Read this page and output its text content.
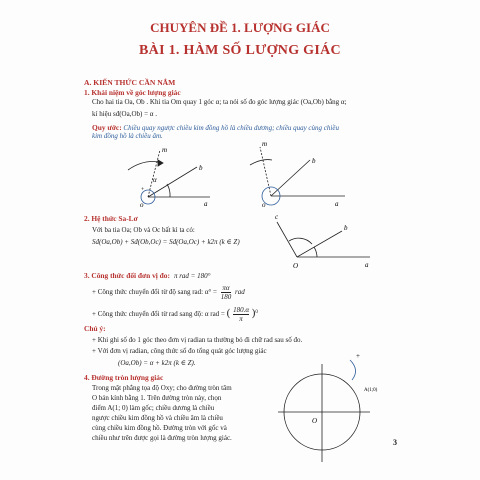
CHUYÊN ĐỀ 1. LƯỢNG GIÁC
BÀI 1. HÀM SỐ LƯỢNG GIÁC
A. KIẾN THỨC CẦN NẮM
1. Khái niệm về góc lượng giác
Cho hai tia Oa, Ob . Khi tia Om quay 1 góc α; ta nói số đo góc lượng giác (Oa,Ob) bằng α;
kí hiệu sđ(Oa,Ob) = α .
Quy ước: Chiều quay ngược chiều kim đồng hồ là chiều dương; chiều quay cùng chiều
kim đồng hồ là chiều âm.
m
b
a
o
α
+
m
b
a
o
c
b
O	a
O
A(1;0)
+
2. Hệ thức Sa-Lơ
Với ba tia Oa; Ob và Oc bất kì ta có:
Sđ(Oa,Ob) + Sđ(Ob,Oc) = Sđ(Oa,Oc) + k2π (k ∈ Z)
3. Công thức đổi đơn vị đo: π rad = 180°
+ Công thức chuyển đổi từ độ sang rad: $\alpha^\circ = \frac{\pi\alpha}{180}$ rad
+ Công thức chuyển đổi từ rad sang độ: α rad = ( $\frac{180.\alpha}{\pi} )^0$
Chú ý:
+ Khi ghi số đo 1 góc theo đơn vị radian ta thường bỏ đi chữ rad sau số đo.
+ Với đơn vị radian, công thức số đo tổng quát góc lượng giác
(Oa,Ob) = α + k2π (k ∈ Z).
4. Đường tròn lượng giác
Trong mặt phẳng tọa độ Oxy; cho đường tròn tâm
O bán kính bằng 1. Trên đường tròn này, chọn
điểm A(1; 0) làm gốc; chiều dương là chiều
ngược chiều kim đồng hồ và chiều âm là chiều
cùng chiều kim đồng hồ. Đường tròn với gốc và
chiều như trên được gọi là đường tròn lượng giác.	3
